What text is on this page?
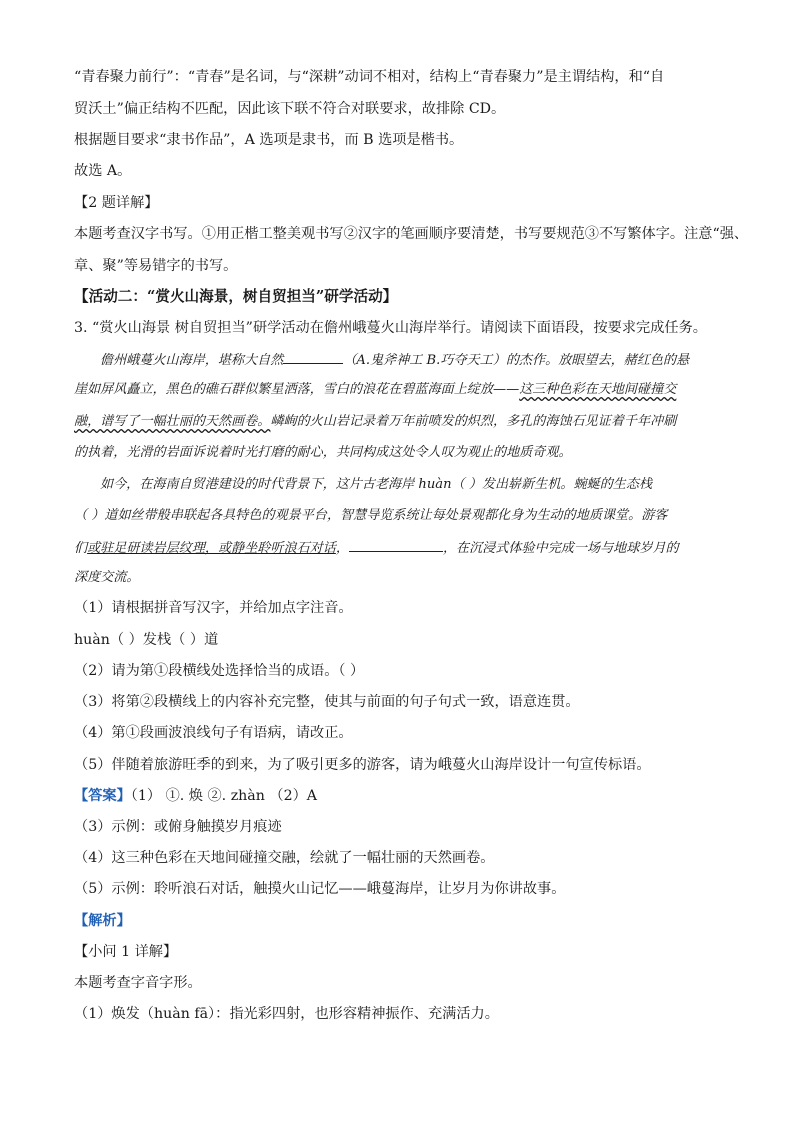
“青春聚力前行”：“青春”是名词，与“深耕”动词不相对，结构上“青春聚力”是主谓结构，和“自
贸沃土”偏正结构不匹配，因此该下联不符合对联要求，故排除 CD。
根据题目要求“隶书作品”，A 选项是隶书，而 B 选项是楷书。
故选 A。
【2 题详解】
本题考查汉字书写。①用正楷工整美观书写②汉字的笔画顺序要清楚，书写要规范③不写繁体字。注意“强、
章、聚”等易错字的书写。
【活动二：“赏火山海景，树自贸担当”研学活动】
3. “赏火山海景 树自贸担当”研学活动在儋州峨蔓火山海岸举行。请阅读下面语段，按要求完成任务。
儋州峨蔓火山海岸，堪称大自然	（A.鬼斧神工 B.巧夺天工）的杰作。放眼望去，赭红色的悬
崖如屏风矗立，黑色的礁石群似繁星洒落，雪白的浪花在碧蓝海面上绽放——这三种色彩在天地间碰撞交
融，谱写了一幅壮丽的天然画卷。嶙峋的火山岩记录着万年前喷发的炽烈，多孔的海蚀石见证着千年冲刷
的执着，光滑的岩面诉说着时光打磨的耐心，共同构成这处令人叹为观止的地质奇观。
如今，在海南自贸港建设的时代背景下，这片古老海岸 huàn（ ）发出崭新生机。蜿蜒的生态栈
（ ）道如丝带般串联起各具特色的观景平台，智慧导览系统让每处景观都化身为生动的地质课堂。游客
们或驻足研读岩层纹理，或静坐聆听浪石对话，	，在沉浸式体验中完成一场与地球岁月的
深度交流。
（1）请根据拼音写汉字，并给加点字注音。
huàn（ ）发栈（ ）道
（2）请为第①段横线处选择恰当的成语。（ ）
（3）将第②段横线上的内容补充完整，使其与前面的句子句式一致，语意连贯。
（4）第①段画波浪线句子有语病，请改正。
（5）伴随着旅游旺季的到来，为了吸引更多的游客，请为峨蔓火山海岸设计一句宣传标语。
【答案】（1） ①. 焕 ②. zhàn （2）A
（3）示例：或俯身触摸岁月痕迹
（4）这三种色彩在天地间碰撞交融，绘就了一幅壮丽的天然画卷。
（5）示例：聆听浪石对话，触摸火山记忆——峨蔓海岸，让岁月为你讲故事。
【解析】
【小问 1 详解】
本题考查字音字形。
（1）焕发（huàn fā）：指光彩四射，也形容精神振作、充满活力。
